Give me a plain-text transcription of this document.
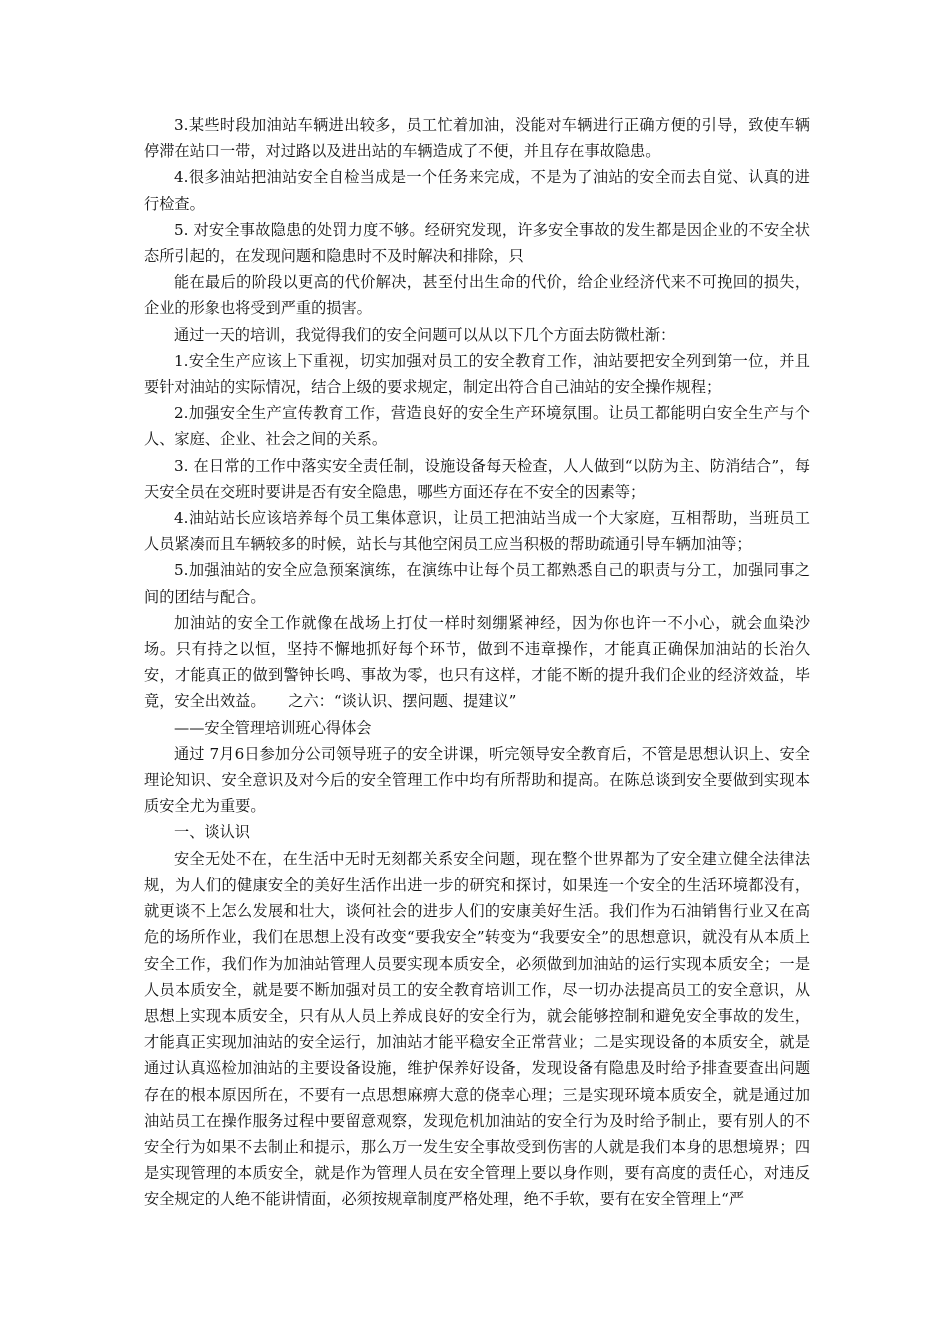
3.某些时段加油站车辆进出较多，员工忙着加油，没能对车辆进行正确方便的引导，致使车辆停滞在站口一带，对过路以及进出站的车辆造成了不便，并且存在事故隐患。

4.很多油站把油站安全自检当成是一个任务来完成，不是为了油站的安全而去自觉、认真的进行检查。

5. 对安全事故隐患的处罚力度不够。经研究发现，许多安全事故的发生都是因企业的不安全状态所引起的，在发现问题和隐患时不及时解决和排除，只

能在最后的阶段以更高的代价解决，甚至付出生命的代价，给企业经济代来不可挽回的损失，企业的形象也将受到严重的损害。

通过一天的培训，我觉得我们的安全问题可以从以下几个方面去防微杜渐：

1.安全生产应该上下重视，切实加强对员工的安全教育工作，油站要把安全列到第一位，并且要针对油站的实际情况，结合上级的要求规定，制定出符合自己油站的安全操作规程；

2.加强安全生产宣传教育工作，营造良好的安全生产环境氛围。让员工都能明白安全生产与个人、家庭、企业、社会之间的关系。

3. 在日常的工作中落实安全责任制，设施设备每天检查，人人做到“以防为主、防消结合”，每天安全员在交班时要讲是否有安全隐患，哪些方面还存在不安全的因素等；

4.油站站长应该培养每个员工集体意识，让员工把油站当成一个大家庭，互相帮助，当班员工人员紧凑而且车辆较多的时候，站长与其他空闲员工应当积极的帮助疏通引导车辆加油等；

5.加强油站的安全应急预案演练，在演练中让每个员工都熟悉自己的职责与分工，加强同事之间的团结与配合。

加油站的安全工作就像在战场上打仗一样时刻绷紧神经，因为你也许一不小心，就会血染沙场。只有持之以恒，坚持不懈地抓好每个环节，做到不违章操作，才能真正确保加油站的长治久安，才能真正的做到警钟长鸣、事故为零，也只有这样，才能不断的提升我们企业的经济效益，毕竟，安全出效益。　　之六：“谈认识、摆问题、提建议”

——安全管理培训班心得体会

通过 7月6日参加分公司领导班子的安全讲课，听完领导安全教育后，不管是思想认识上、安全理论知识、安全意识及对今后的安全管理工作中均有所帮助和提高。在陈总谈到安全要做到实现本质安全尤为重要。

一、谈认识

安全无处不在，在生活中无时无刻都关系安全问题，现在整个世界都为了安全建立健全法律法规，为人们的健康安全的美好生活作出进一步的研究和探讨，如果连一个安全的生活环境都没有，就更谈不上怎么发展和壮大，谈何社会的进步人们的安康美好生活。我们作为石油销售行业又在高危的场所作业，我们在思想上没有改变“要我安全”转变为“我要安全”的思想意识，就没有从本质上安全工作，我们作为加油站管理人员要实现本质安全，必须做到加油站的运行实现本质安全；一是人员本质安全，就是要不断加强对员工的安全教育培训工作，尽一切办法提高员工的安全意识，从思想上实现本质安全，只有从人员上养成良好的安全行为，就会能够控制和避免安全事故的发生，才能真正实现加油站的安全运行，加油站才能平稳安全正常营业；二是实现设备的本质安全，就是通过认真巡检加油站的主要设备设施，维护保养好设备，发现设备有隐患及时给予排查要查出问题存在的根本原因所在，不要有一点思想麻痹大意的侥幸心理；三是实现环境本质安全，就是通过加油站员工在操作服务过程中要留意观察，发现危机加油站的安全行为及时给予制止，要有别人的不安全行为如果不去制止和提示，那么万一发生安全事故受到伤害的人就是我们本身的思想境界；四是实现管理的本质安全，就是作为管理人员在安全管理上要以身作则，要有高度的责任心，对违反安全规定的人绝不能讲情面，必须按规章制度严格处理，绝不手软，要有在安全管理上“严
